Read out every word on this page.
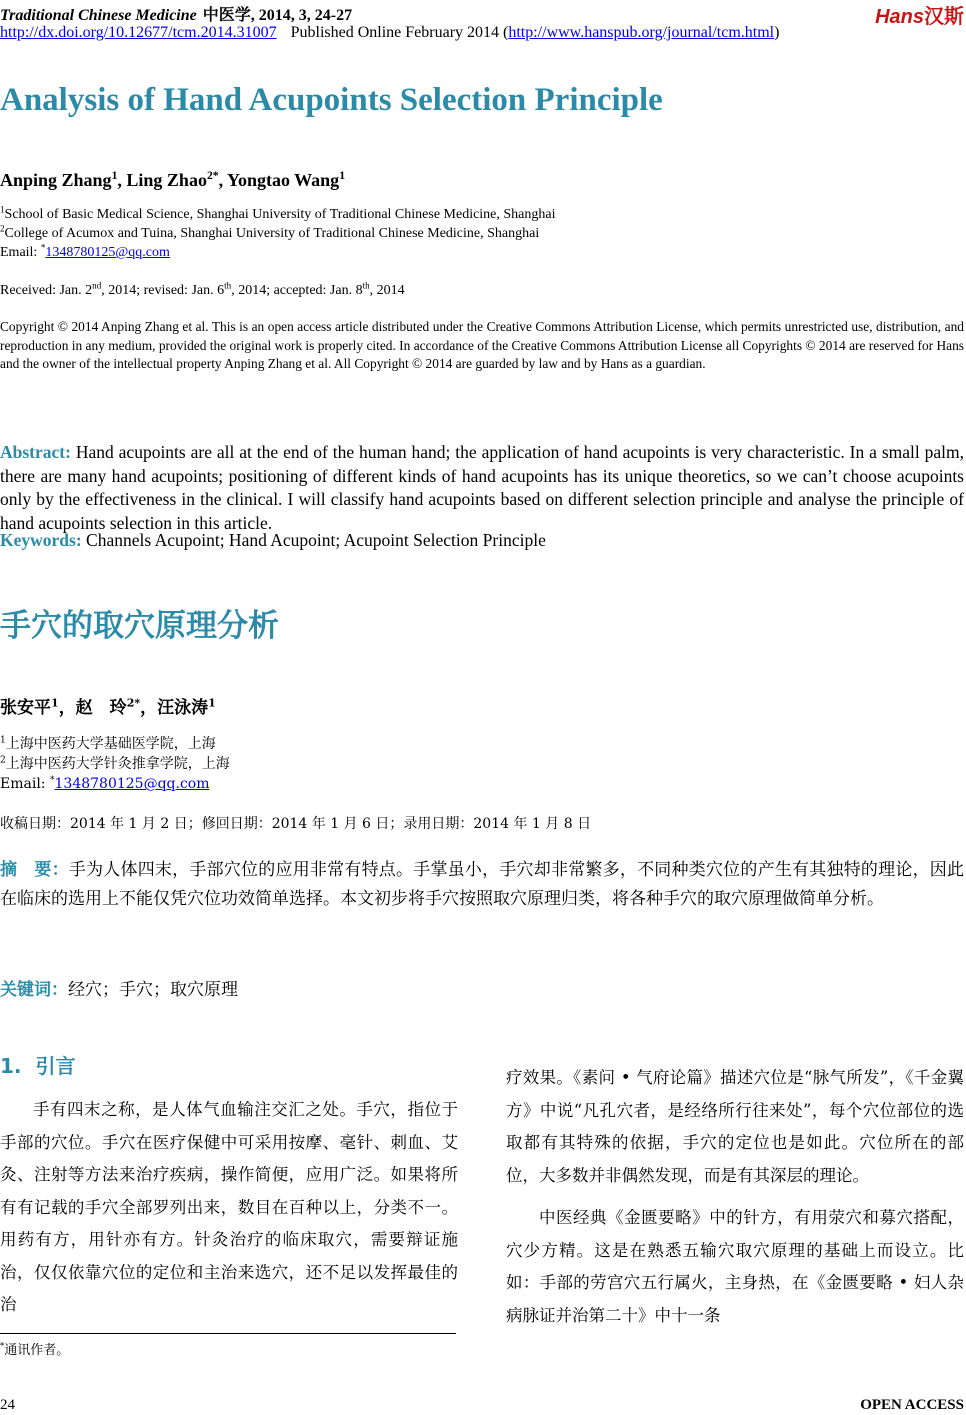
Traditional Chinese Medicine 中医学, 2014, 3, 24-27	Hans汉斯
http://dx.doi.org/10.12677/tcm.2014.31007 Published Online February 2014 (http://www.hanspub.org/journal/tcm.html)
Analysis of Hand Acupoints Selection Principle
Anping Zhang$^1$, Ling Zhao$^{2*}$, Yongtao Wang$^1$
$^1$School of Basic Medical Science, Shanghai University of Traditional Chinese Medicine, Shanghai
$^2$College of Acumox and Tuina, Shanghai University of Traditional Chinese Medicine, Shanghai
Email: *1348780125@qq.com
Received: Jan. 2nd, 2014; revised: Jan. 6th, 2014; accepted: Jan. 8th, 2014
Copyright © 2014 Anping Zhang et al. This is an open access article distributed under the Creative Commons Attribution License, which permits unrestricted use, distribution, and reproduction in any medium, provided the original work is properly cited. In accordance of the Creative Commons Attribution License all Copyrights © 2014 are reserved for Hans and the owner of the intellectual property Anping Zhang et al. All Copyright © 2014 are guarded by law and by Hans as a guardian.
Abstract: Hand acupoints are all at the end of the human hand; the application of hand acupoints is very characteristic. In a small palm, there are many hand acupoints; positioning of different kinds of hand acupoints has its unique theoretics, so we can’t choose acupoints only by the effectiveness in the clinical. I will classify hand acupoints based on different selection principle and analyse the principle of hand acupoints selection in this article.
Keywords: Channels Acupoint; Hand Acupoint; Acupoint Selection Principle
手穴的取穴原理分析
张安平$^1$，赵　玲$^{2*}$，汪泳涛$^1$
$^1$上海中医药大学基础医学院，上海
$^2$上海中医药大学针灸推拿学院，上海
Email: *1348780125@qq.com
收稿日期：2014 年 1 月 2 日；修回日期：2014 年 1 月 6 日；录用日期：2014 年 1 月 8 日
摘　要：手为人体四末，手部穴位的应用非常有特点。手掌虽小，手穴却非常繁多，不同种类穴位的产生有其独特的理论，因此在临床的选用上不能仅凭穴位功效简单选择。本文初步将手穴按照取穴原理归类，将各种手穴的取穴原理做简单分析。
关键词：经穴；手穴；取穴原理
1. 引言

手有四末之称，是人体气血输注交汇之处。手穴，指位于手部的穴位。手穴在医疗保健中可采用按摩、毫针、刺血、艾灸、注射等方法来治疗疾病，操作简便，应用广泛。如果将所有有记载的手穴全部罗列出来，数目在百种以上，分类不一。用药有方，用针亦有方。针灸治疗的临床取穴，需要辩证施治，仅仅依靠穴位的定位和主治来选穴，还不足以发挥最佳的治

疗效果。《素问 • 气府论篇》描述穴位是“脉气所发”，《千金翼方》中说“凡孔穴者，是经络所行往来处”，每个穴位部位的选取都有其特殊的依据，手穴的定位也是如此。穴位所在的部位，大多数并非偶然发现，而是有其深层的理论。

中医经典《金匮要略》中的针方，有用荥穴和募穴搭配，穴少方精。这是在熟悉五输穴取穴原理的基础上而设立。比如：手部的劳宫穴五行属火，主身热，在《金匮要略 • 妇人杂病脉证并治第二十》中十一条

*通讯作者。
24	OPEN ACCESS
